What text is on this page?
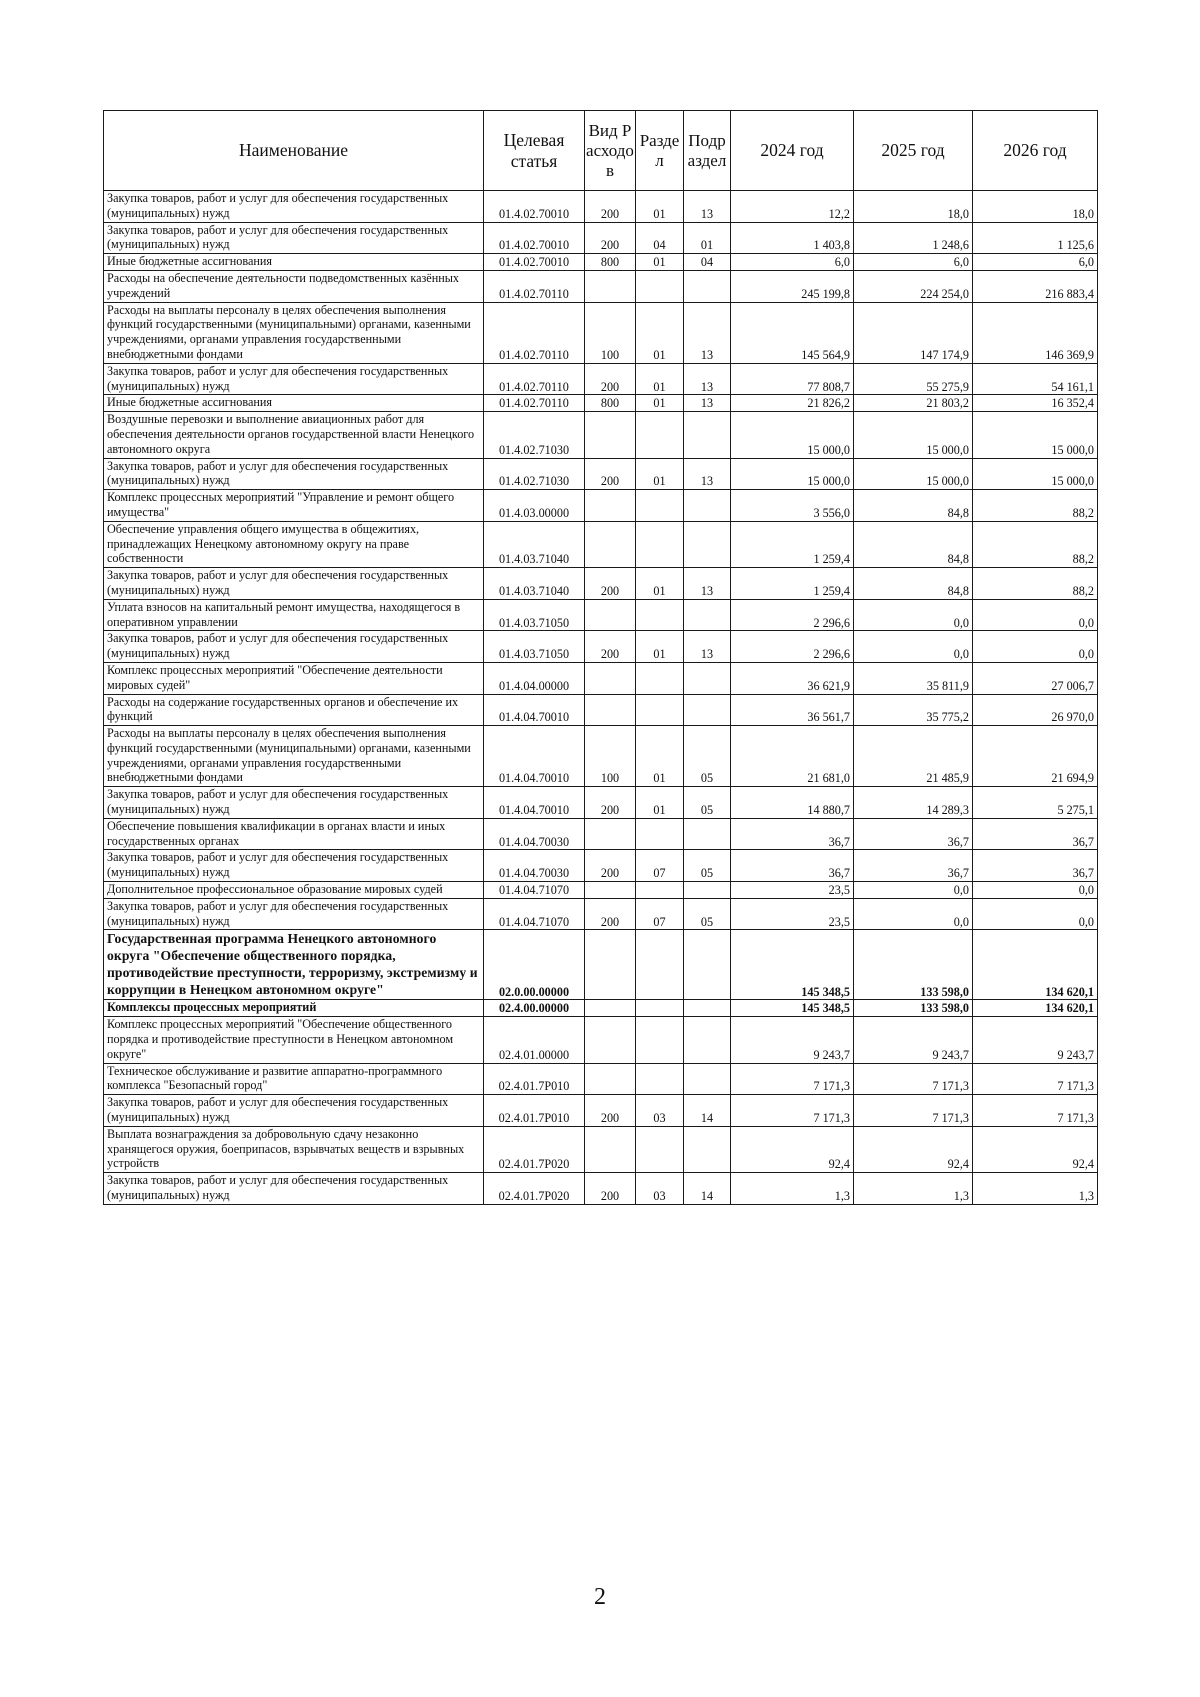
Наименование	Целевая статья	Вид Расходов	Раздел	Подраздел	2024 год	2025 год	2026 год
Закупка товаров, работ и услуг для обеспечения государственных (муниципальных) нужд	01.4.02.70010	200	01	13	12,2	18,0	18,0
Закупка товаров, работ и услуг для обеспечения государственных (муниципальных) нужд	01.4.02.70010	200	04	01	1 403,8	1 248,6	1 125,6
Иные бюджетные ассигнования	01.4.02.70010	800	01	04	6,0	6,0	6,0
Расходы на обеспечение деятельности подведомственных казённых учреждений	01.4.02.70110				245 199,8	224 254,0	216 883,4
Расходы на выплаты персоналу в целях обеспечения выполнения функций государственными (муниципальными) органами, казенными учреждениями, органами управления государственными внебюджетными фондами	01.4.02.70110	100	01	13	145 564,9	147 174,9	146 369,9
Закупка товаров, работ и услуг для обеспечения государственных (муниципальных) нужд	01.4.02.70110	200	01	13	77 808,7	55 275,9	54 161,1
Иные бюджетные ассигнования	01.4.02.70110	800	01	13	21 826,2	21 803,2	16 352,4
Воздушные перевозки и выполнение авиационных работ для обеспечения деятельности органов государственной власти Ненецкого автономного округа	01.4.02.71030				15 000,0	15 000,0	15 000,0
Закупка товаров, работ и услуг для обеспечения государственных (муниципальных) нужд	01.4.02.71030	200	01	13	15 000,0	15 000,0	15 000,0
Комплекс процессных мероприятий "Управление и ремонт общего имущества"	01.4.03.00000				3 556,0	84,8	88,2
Обеспечение управления общего имущества в общежитиях, принадлежащих Ненецкому автономному округу на праве собственности	01.4.03.71040				1 259,4	84,8	88,2
Закупка товаров, работ и услуг для обеспечения государственных (муниципальных) нужд	01.4.03.71040	200	01	13	1 259,4	84,8	88,2
Уплата взносов на капитальный ремонт имущества, находящегося в оперативном управлении	01.4.03.71050				2 296,6	0,0	0,0
Закупка товаров, работ и услуг для обеспечения государственных (муниципальных) нужд	01.4.03.71050	200	01	13	2 296,6	0,0	0,0
Комплекс процессных мероприятий "Обеспечение деятельности мировых судей"	01.4.04.00000				36 621,9	35 811,9	27 006,7
Расходы на содержание государственных органов и обеспечение их функций	01.4.04.70010				36 561,7	35 775,2	26 970,0
Расходы на выплаты персоналу в целях обеспечения выполнения функций государственными (муниципальными) органами, казенными учреждениями, органами управления государственными внебюджетными фондами	01.4.04.70010	100	01	05	21 681,0	21 485,9	21 694,9
Закупка товаров, работ и услуг для обеспечения государственных (муниципальных) нужд	01.4.04.70010	200	01	05	14 880,7	14 289,3	5 275,1
Обеспечение повышения квалификации в органах власти и иных государственных органах	01.4.04.70030				36,7	36,7	36,7
Закупка товаров, работ и услуг для обеспечения государственных (муниципальных) нужд	01.4.04.70030	200	07	05	36,7	36,7	36,7
Дополнительное профессиональное образование мировых судей	01.4.04.71070				23,5	0,0	0,0
Закупка товаров, работ и услуг для обеспечения государственных (муниципальных) нужд	01.4.04.71070	200	07	05	23,5	0,0	0,0
Государственная программа Ненецкого автономного округа "Обеспечение общественного порядка, противодействие преступности, терроризму, экстремизму и коррупции в Ненецком автономном округе"	02.0.00.00000				145 348,5	133 598,0	134 620,1
Комплексы процессных мероприятий	02.4.00.00000				145 348,5	133 598,0	134 620,1
Комплекс процессных мероприятий "Обеспечение общественного порядка и противодействие преступности в Ненецком автономном округе"	02.4.01.00000				9 243,7	9 243,7	9 243,7
Техническое обслуживание и развитие аппаратно-программного комплекса "Безопасный город"	02.4.01.7Р010				7 171,3	7 171,3	7 171,3
Закупка товаров, работ и услуг для обеспечения государственных (муниципальных) нужд	02.4.01.7Р010	200	03	14	7 171,3	7 171,3	7 171,3
Выплата вознаграждения за добровольную сдачу незаконно хранящегося оружия, боеприпасов, взрывчатых веществ и взрывных устройств	02.4.01.7Р020				92,4	92,4	92,4
Закупка товаров, работ и услуг для обеспечения государственных (муниципальных) нужд	02.4.01.7Р020	200	03	14	1,3	1,3	1,3
2
